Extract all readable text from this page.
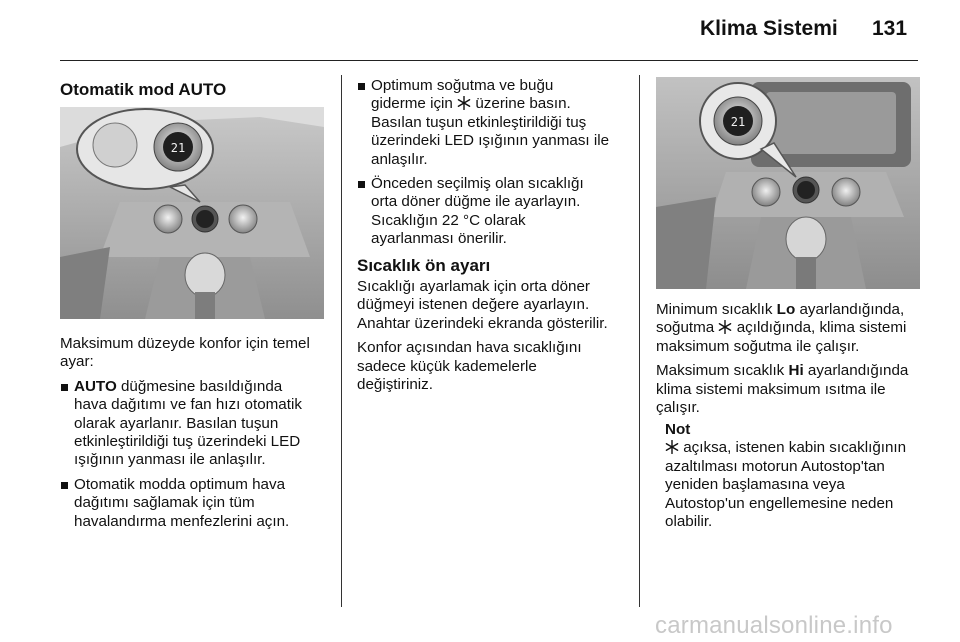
Klima Sistemi 131
Otomatik mod AUTO
21

Maksimum düzeyde konfor için temel ayar:

AUTO düğmesine basıldığında
hava dağıtımı ve fan hızı otomatik
olarak ayarlanır. Basılan tuşun
etkinleştirildiği tuş üzerindeki LED
ışığının yanması ile anlaşılır.
Otomatik modda optimum hava
dağıtımı sağlamak için tüm
havalandırma menfezlerini açın.
Optimum soğutma ve buğu
giderme için  üzerine basın.
Basılan tuşun etkinleştirildiği tuş
üzerindeki LED ışığının yanması ile
anlaşılır.
Önceden seçilmiş olan sıcaklığı
orta döner düğme ile ayarlayın.
Sıcaklığın 22 °C olarak
ayarlanması önerilir.
Sıcaklık ön ayarı
Sıcaklığı ayarlamak için orta döner
düğmeyi istenen değere ayarlayın.
Anahtar üzerindeki ekranda gösterilir.
Konfor açısından hava sıcaklığını
sadece küçük kademelerle
değiştiriniz.
21
Minimum sıcaklık Lo ayarlandığında,
soğutma  açıldığında, klima sistemi
maksimum soğutma ile çalışır.
Maksimum sıcaklık Hi ayarlandığında
klima sistemi maksimum ısıtma ile
çalışır.
Not
açıksa, istenen kabin sıcaklığının
azaltılması motorun Autostop'tan
yeniden başlamasına veya
Autostop'un engellemesine neden
olabilir.
carmanualsonline.info
